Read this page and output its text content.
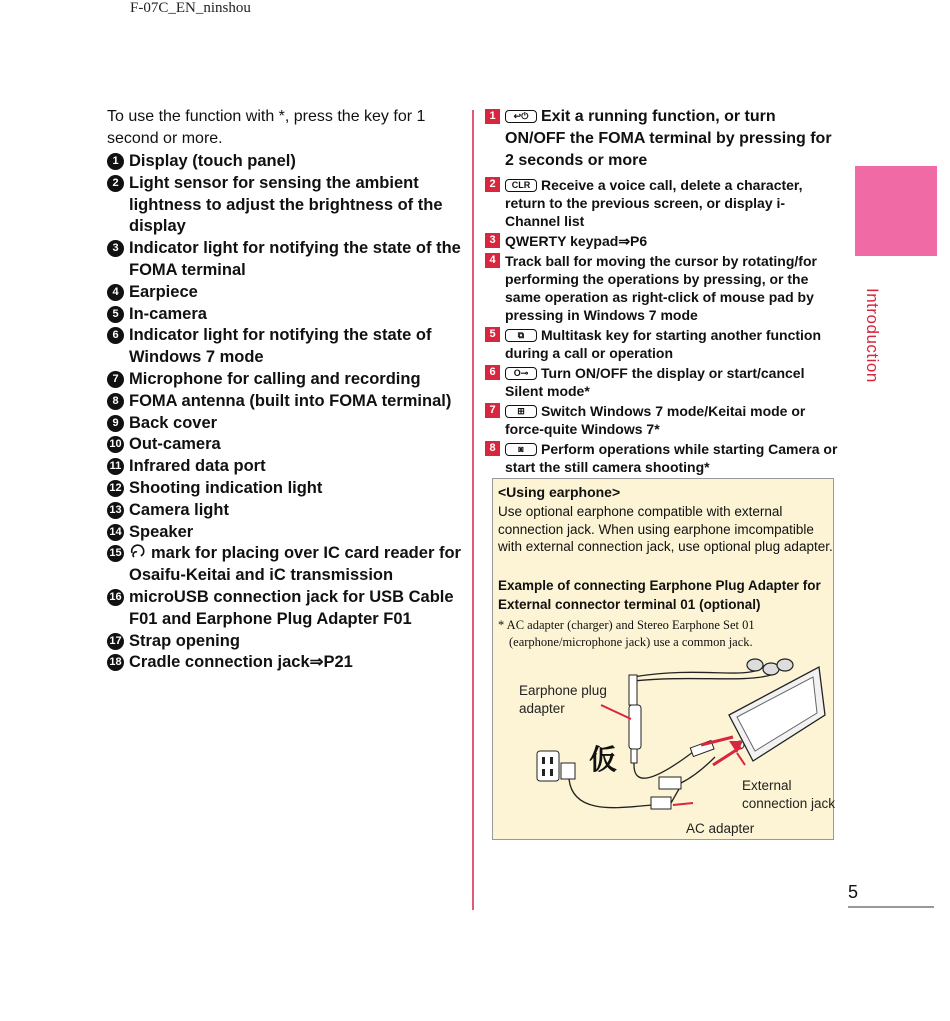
F-07C_EN_ninshou
To use the function with *, press the key for 1 second or more.
1 Display (touch panel)
2 Light sensor for sensing the ambient lightness to adjust the brightness of the display
3 Indicator light for notifying the state of the FOMA terminal
4 Earpiece
5 In-camera
6 Indicator light for notifying the state of Windows 7 mode
7 Microphone for calling and recording
8 FOMA antenna (built into FOMA terminal)
9 Back cover
10 Out-camera
11 Infrared data port
12 Shooting indication light
13 Camera light
14 Speaker
15 mark for placing over IC card reader for Osaifu-Keitai and iC transmission
16 microUSB connection jack for USB Cable F01 and Earphone Plug Adapter F01
17 Strap opening
18 Cradle connection jack⇒P21
1	↩⏻ Exit a running function, or turn ON/OFF the FOMA terminal by pressing for 2 seconds or more
2	CLR Receive a voice call, delete a character, return to the previous screen, or display i-Channel list
3 QWERTY keypad⇒P6
4 Track ball for moving the cursor by rotating/for performing the operations by pressing, or the same operation as right-click of mouse pad by pressing in Windows 7 mode
5	⧉ Multitask key for starting another function during a call or operation
6	O⊸ Turn ON/OFF the display or start/cancel Silent mode*
7	⊞ Switch Windows 7 mode/Keitai mode or force-quite Windows 7*
8	◙ Perform operations while starting Camera or start the still camera shooting*
Introduction
<Using earphone>
Use optional earphone compatible with external connection jack. When using earphone imcompatible with external connection jack, use optional plug adapter.
Example of connecting Earphone Plug Adapter for External connector terminal 01 (optional)
* AC adapter (charger) and Stereo Earphone Set 01
(earphone/microphone jack) use a common jack.
Earphone plug adapter
仮
External connection jack
AC adapter
5
